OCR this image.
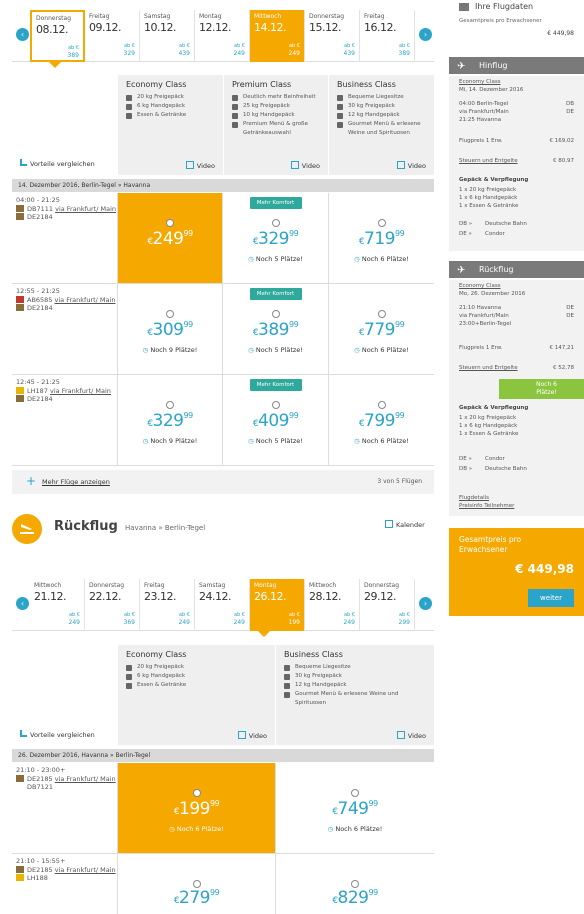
‹
Donnerstag
08.12.
ab €
389
Freitag
09.12.
ab €
329
Samstag
10.12.
ab €
439
Montag
12.12.
ab €
249
Mittwoch
14.12.
ab €
249
Donnerstag
15.12.
ab €
439
Freitag
16.12.
ab €
389
›
Vorteile vergleichen
Economy Class
20 kg Freigepäck
6 kg Handgepäck
Essen & Getränke
Video
Premium Class
Deutlich mehr Beinfreiheit
25 kg Freigepäck
10 kg Handgepäck
Premium Menü & große Getränkeauswahl
Video
Business Class
Bequeme Liegesitze
30 kg Freigepäck
12 kg Handgepäck
Gourmet Menü & erlesene Weine und Spirituosen
Video
14. Dezember 2016, Berlin-Tegel » Havanna
04:00 - 21:25
DB7111 via Frankfurt/ Main
DE2184
$€249^{99}$
Mehr Komfort
$€329^{99}$
◷ Noch 5 Plätze!
$€719^{99}$
◷ Noch 6 Plätze!
12:55 - 21:25
AB6585 via Frankfurt/ Main
DE2184
$€309^{99}$
◷ Noch 9 Plätze!
Mehr Komfort
$€389^{99}$
◷ Noch 5 Plätze!
$€779^{99}$
◷ Noch 6 Plätze!
12:45 - 21:25
LH187 via Frankfurt/ Main
DE2184
$€329^{99}$
◷ Noch 9 Plätze!
Mehr Komfort
$€409^{99}$
◷ Noch 5 Plätze!
$€799^{99}$
◷ Noch 6 Plätze!
+ Mehr Flüge anzeigen	3 von 5 Flügen
Rückflug Havanna » Berlin-Tegel	Kalender
‹
Mittwoch
21.12.
ab €
249
Donnerstag
22.12.
ab €
369
Freitag
23.12.
ab €
249
Samstag
24.12.
ab €
249
Montag
26.12.
ab €
199
Mittwoch
28.12.
ab €
249
Donnerstag
29.12.
ab €
299
›
Vorteile vergleichen
Economy Class
20 kg Freigepäck
6 kg Handgepäck
Essen & Getränke
Video
Business Class
Bequeme Liegesitze
30 kg Freigepäck
12 kg Handgepäck
Gourmet Menü & erlesene Weine und Spirituosen
Video
26. Dezember 2016, Havanna » Berlin-Tegel
21:10 - 23:00+
DE2185 via Frankfurt/ Main
DB7121
$€199^{99}$
◷ Noch 6 Plätze!
$€749^{99}$
◷ Noch 6 Plätze!
21:10 - 15:55+
DE2185 via Frankfurt/ Main
LH188
$€279^{99}$
$€829^{99}$
Ihre Flugdaten
Gesamtpreis pro Erwachsener
€ 449,98
✈ Hinflug
Economy Class
Mi, 14. Dezember 2016
04:00 Berlin-Tegel	DB
via Frankfurt/Main	DE
21:25 Havanna
Flugpreis 1 Erw.	€ 169,02
Steuern und Entgelte	€ 80,97
Gepäck & Verpflegung
1 x 20 kg Freigepäck
1 x 6 kg Handgepäck
1 x Essen & Getränke
DB » Deutsche Bahn
DE » Condor
✈ Rückflug
Economy Class
Mo, 26. Dezember 2016
21:10 Havanna	DE
via Frankfurt/Main	DE
23:00+Berlin-Tegel
Flugpreis 1 Erw.	€ 147,21
Steuern und Entgelte	€ 52,78
Noch 6 Plätze!
Gepäck & Verpflegung
1 x 20 kg Freigepäck
1 x 6 kg Handgepäck
1 x Essen & Getränke
DE » Condor
DB » Deutsche Bahn
Flugdetails
Preisinfo Teilnehmer
Gesamtpreis pro Erwachsener
€ 449,98
weiter
